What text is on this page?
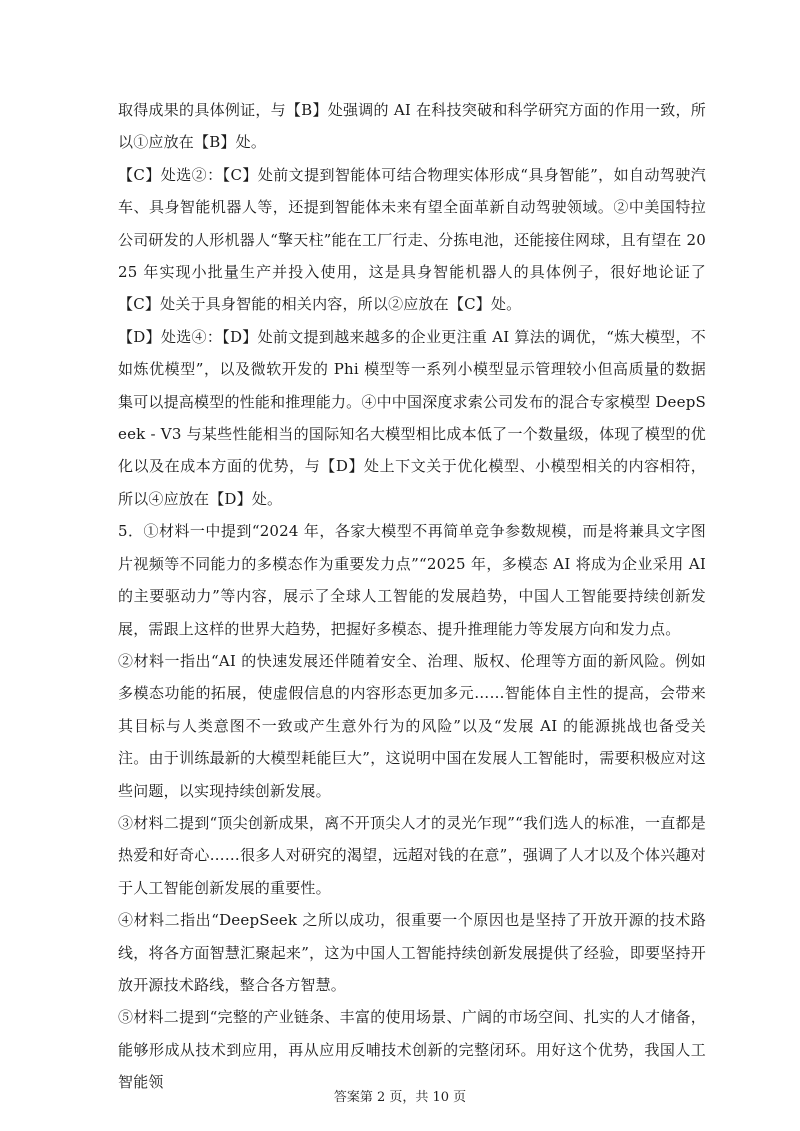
取得成果的具体例证，与【B】处强调的 AI 在科技突破和科学研究方面的作用一致，所以①应放在【B】处。

【C】处选②：【C】处前文提到智能体可结合物理实体形成“具身智能”，如自动驾驶汽车、具身智能机器人等，还提到智能体未来有望全面革新自动驾驶领域。②中美国特拉公司研发的人形机器人“擎天柱”能在工厂行走、分拣电池，还能接住网球，且有望在 2025 年实现小批量生产并投入使用，这是具身智能机器人的具体例子，很好地论证了【C】处关于具身智能的相关内容，所以②应放在【C】处。

【D】处选④：【D】处前文提到越来越多的企业更注重 AI 算法的调优，“炼大模型，不如炼优模型”，以及微软开发的 Phi 模型等一系列小模型显示管理较小但高质量的数据集可以提高模型的性能和推理能力。④中中国深度求索公司发布的混合专家模型 DeepSeek - V3 与某些性能相当的国际知名大模型相比成本低了一个数量级，体现了模型的优化以及在成本方面的优势，与【D】处上下文关于优化模型、小模型相关的内容相符，所以④应放在【D】处。

5．①材料一中提到“2024 年，各家大模型不再简单竞争参数规模，而是将兼具文字图片视频等不同能力的多模态作为重要发力点”“2025 年，多模态 AI 将成为企业采用 AI 的主要驱动力”等内容，展示了全球人工智能的发展趋势，中国人工智能要持续创新发展，需跟上这样的世界大趋势，把握好多模态、提升推理能力等发展方向和发力点。

②材料一指出“AI 的快速发展还伴随着安全、治理、版权、伦理等方面的新风险。例如多模态功能的拓展，使虚假信息的内容形态更加多元……智能体自主性的提高，会带来其目标与人类意图不一致或产生意外行为的风险”以及“发展 AI 的能源挑战也备受关注。由于训练最新的大模型耗能巨大”，这说明中国在发展人工智能时，需要积极应对这些问题，以实现持续创新发展。

③材料二提到“顶尖创新成果，离不开顶尖人才的灵光乍现”“我们选人的标准，一直都是热爱和好奇心……很多人对研究的渴望，远超对钱的在意”，强调了人才以及个体兴趣对于人工智能创新发展的重要性。

④材料二指出“DeepSeek 之所以成功，很重要一个原因也是坚持了开放开源的技术路线，将各方面智慧汇聚起来”，这为中国人工智能持续创新发展提供了经验，即要坚持开放开源技术路线，整合各方智慧。

⑤材料二提到“完整的产业链条、丰富的使用场景、广阔的市场空间、扎实的人才储备，能够形成从技术到应用，再从应用反哺技术创新的完整闭环。用好这个优势，我国人工智能领

答案第 2 页，共 10 页
